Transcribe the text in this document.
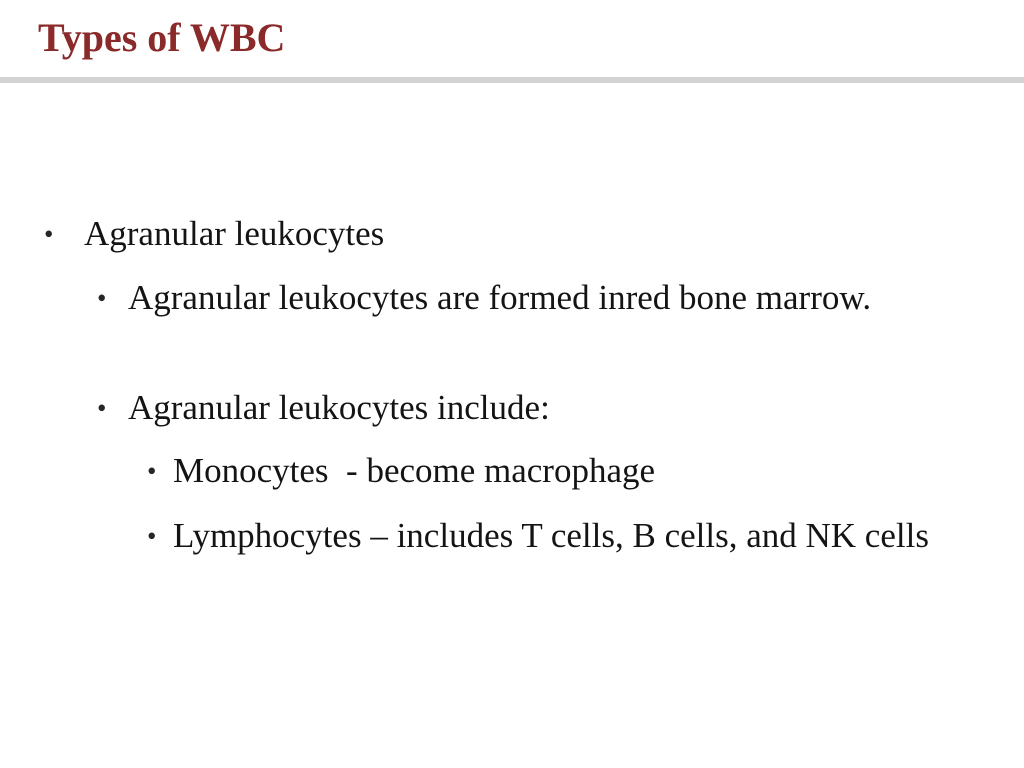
Types of WBC
• Agranular leukocytes
• Agranular leukocytes are formed inred bone marrow.
• Agranular leukocytes include:
• Monocytes  - become macrophage
• Lymphocytes – includes T cells, B cells, and NK cells
